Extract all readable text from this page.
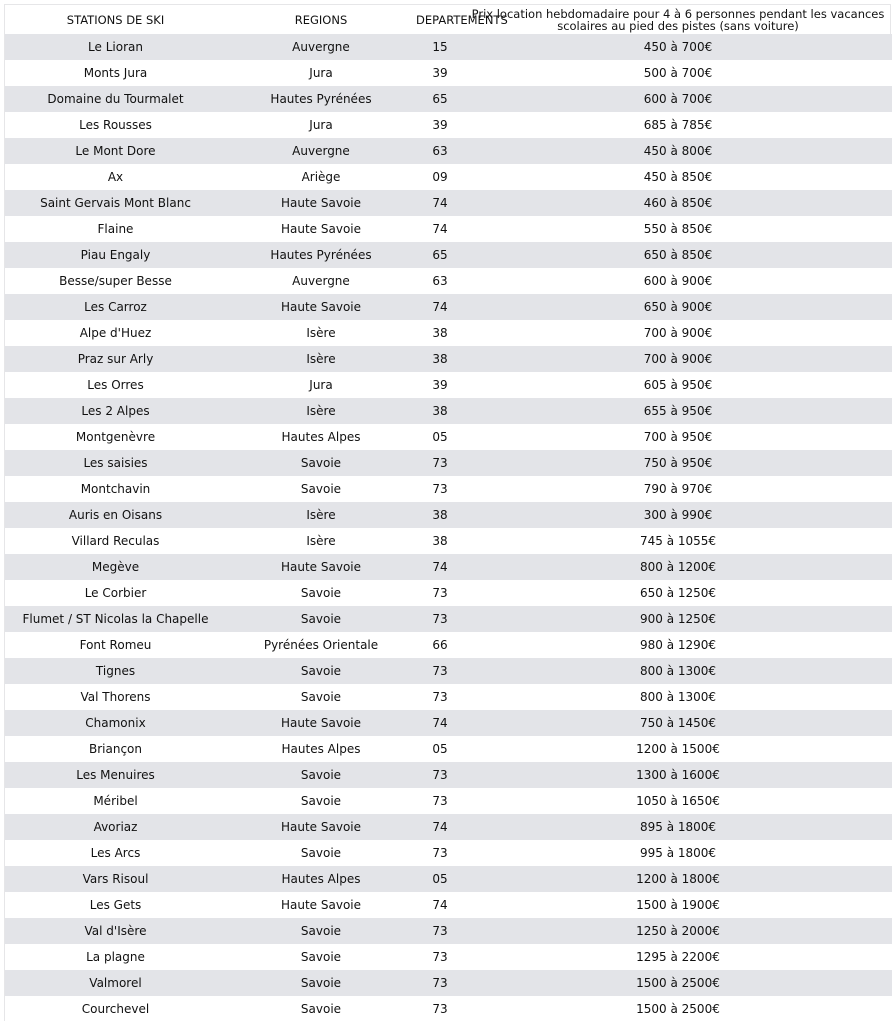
STATIONS DE SKI	REGIONS	DEPARTEMENTS	Prix location hebdomadaire pour 4 à 6 personnes pendant les vacances scolaires au pied des pistes (sans voiture)
Le Lioran	Auvergne	15	450 à 700€
Monts Jura	Jura	39	500 à 700€
Domaine du Tourmalet	Hautes Pyrénées	65	600 à 700€
Les Rousses	Jura	39	685 à 785€
Le Mont Dore	Auvergne	63	450 à 800€
Ax	Ariège	09	450 à 850€
Saint Gervais Mont Blanc	Haute Savoie	74	460 à 850€
Flaine	Haute Savoie	74	550 à 850€
Piau Engaly	Hautes Pyrénées	65	650 à 850€
Besse/super Besse	Auvergne	63	600 à 900€
Les Carroz	Haute Savoie	74	650 à 900€
Alpe d'Huez	Isère	38	700 à 900€
Praz sur Arly	Isère	38	700 à 900€
Les Orres	Jura	39	605 à 950€
Les 2 Alpes	Isère	38	655 à 950€
Montgenèvre	Hautes Alpes	05	700 à 950€
Les saisies	Savoie	73	750 à 950€
Montchavin	Savoie	73	790 à 970€
Auris en Oisans	Isère	38	300 à 990€
Villard Reculas	Isère	38	745 à 1055€
Megève	Haute Savoie	74	800 à 1200€
Le Corbier	Savoie	73	650 à 1250€
Flumet / ST Nicolas la Chapelle	Savoie	73	900 à 1250€
Font Romeu	Pyrénées Orientale	66	980 à 1290€
Tignes	Savoie	73	800 à 1300€
Val Thorens	Savoie	73	800 à 1300€
Chamonix	Haute Savoie	74	750 à 1450€
Briançon	Hautes Alpes	05	1200 à 1500€
Les Menuires	Savoie	73	1300 à 1600€
Méribel	Savoie	73	1050 à 1650€
Avoriaz	Haute Savoie	74	895 à 1800€
Les Arcs	Savoie	73	995 à 1800€
Vars Risoul	Hautes Alpes	05	1200 à 1800€
Les Gets	Haute Savoie	74	1500 à 1900€
Val d'Isère	Savoie	73	1250 à 2000€
La plagne	Savoie	73	1295 à 2200€
Valmorel	Savoie	73	1500 à 2500€
Courchevel	Savoie	73	1500 à 2500€
